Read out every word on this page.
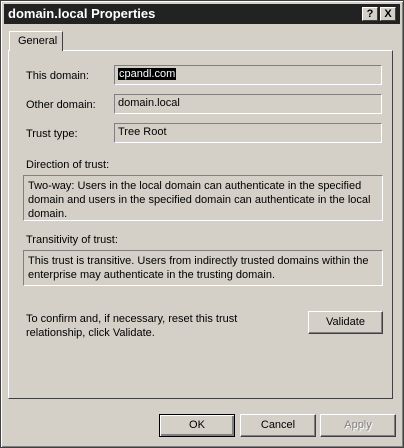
domain.local Properties	? X
General
This domain:	cpandl.com
Other domain:	domain.local
Trust type:	Tree Root
Direction of trust:
Two-way: Users in the local domain can authenticate in the specified domain and users in the specified domain can authenticate in the local domain.
Transitivity of trust:
This trust is transitive. Users from indirectly trusted domains within the enterprise may authenticate in the trusting domain.
To confirm and, if necessary, reset this trust relationship, click Validate.
Validate
OK	Cancel	Apply
